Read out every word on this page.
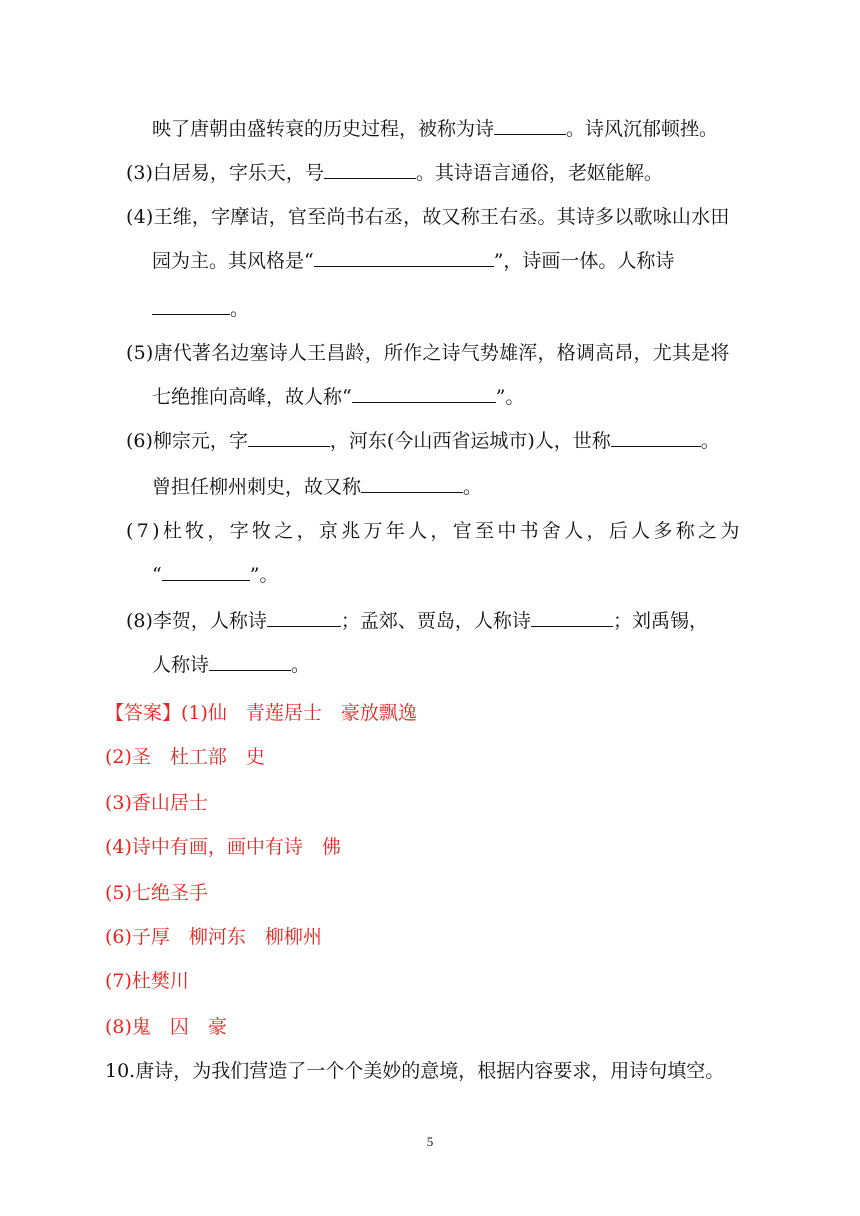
映了唐朝由盛转衰的历史过程，被称为诗	。诗风沉郁顿挫。
(3)白居易，字乐天，号	。其诗语言通俗，老妪能解。
(4)王维，字摩诘，官至尚书右丞，故又称王右丞。其诗多以歌咏山水田
园为主。其风格是“	”，诗画一体。人称诗
。
(5)唐代著名边塞诗人王昌龄，所作之诗气势雄浑，格调高昂，尤其是将
七绝推向高峰，故人称“	”。
(6)柳宗元，字	，河东(今山西省运城市)人，世称	。
曾担任柳州刺史，故又称	。
(7)杜牧，字牧之，京兆万年人，官至中书舍人，后人多称之为
“	”。
(8)李贺，人称诗	；孟郊、贾岛，人称诗	；刘禹锡，
人称诗	。
【答案】(1)仙　青莲居士　豪放飘逸
(2)圣　杜工部　史
(3)香山居士
(4)诗中有画，画中有诗　佛
(5)七绝圣手
(6)子厚　柳河东　柳柳州
(7)杜樊川
(8)鬼　囚　豪
10.唐诗，为我们营造了一个个美妙的意境，根据内容要求，用诗句填空。
5
